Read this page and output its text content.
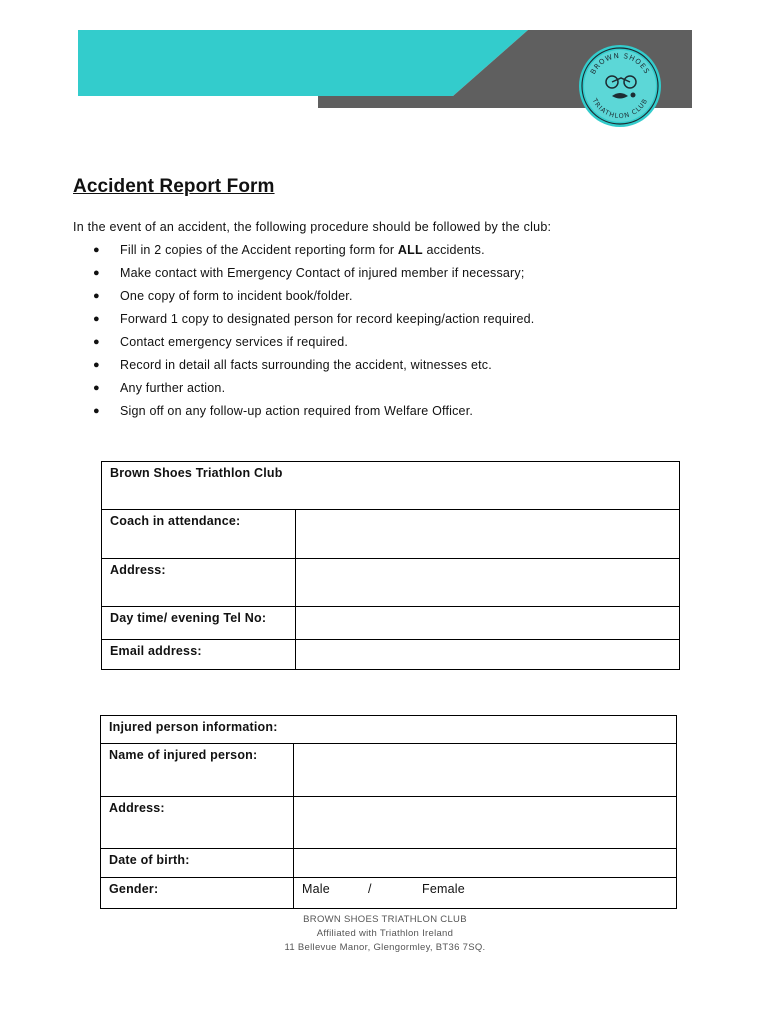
BROWN SHOES
TRIATHLON CLUB
Accident Report Form
In the event of an accident, the following procedure should be followed by the club:
● Fill in 2 copies of the Accident reporting form for ALL accidents.
● Make contact with Emergency Contact of injured member if necessary;
● One copy of form to incident book/folder.
● Forward 1 copy to designated person for record keeping/action required.
● Contact emergency services if required.
● Record in detail all facts surrounding the accident, witnesses etc.
● Any further action.
● Sign off on any follow-up action required from Welfare Officer.
Brown Shoes Triathlon Club	
Coach in attendance:	
Address:	
Day time/ evening Tel No:	
Email address:	
Injured person information:	
Name of injured person:	
Address:	
Date of birth:	
Gender:	Male / Female
BROWN SHOES TRIATHLON CLUB
Affiliated with Triathlon Ireland
11 Bellevue Manor, Glengormley, BT36 7SQ.
